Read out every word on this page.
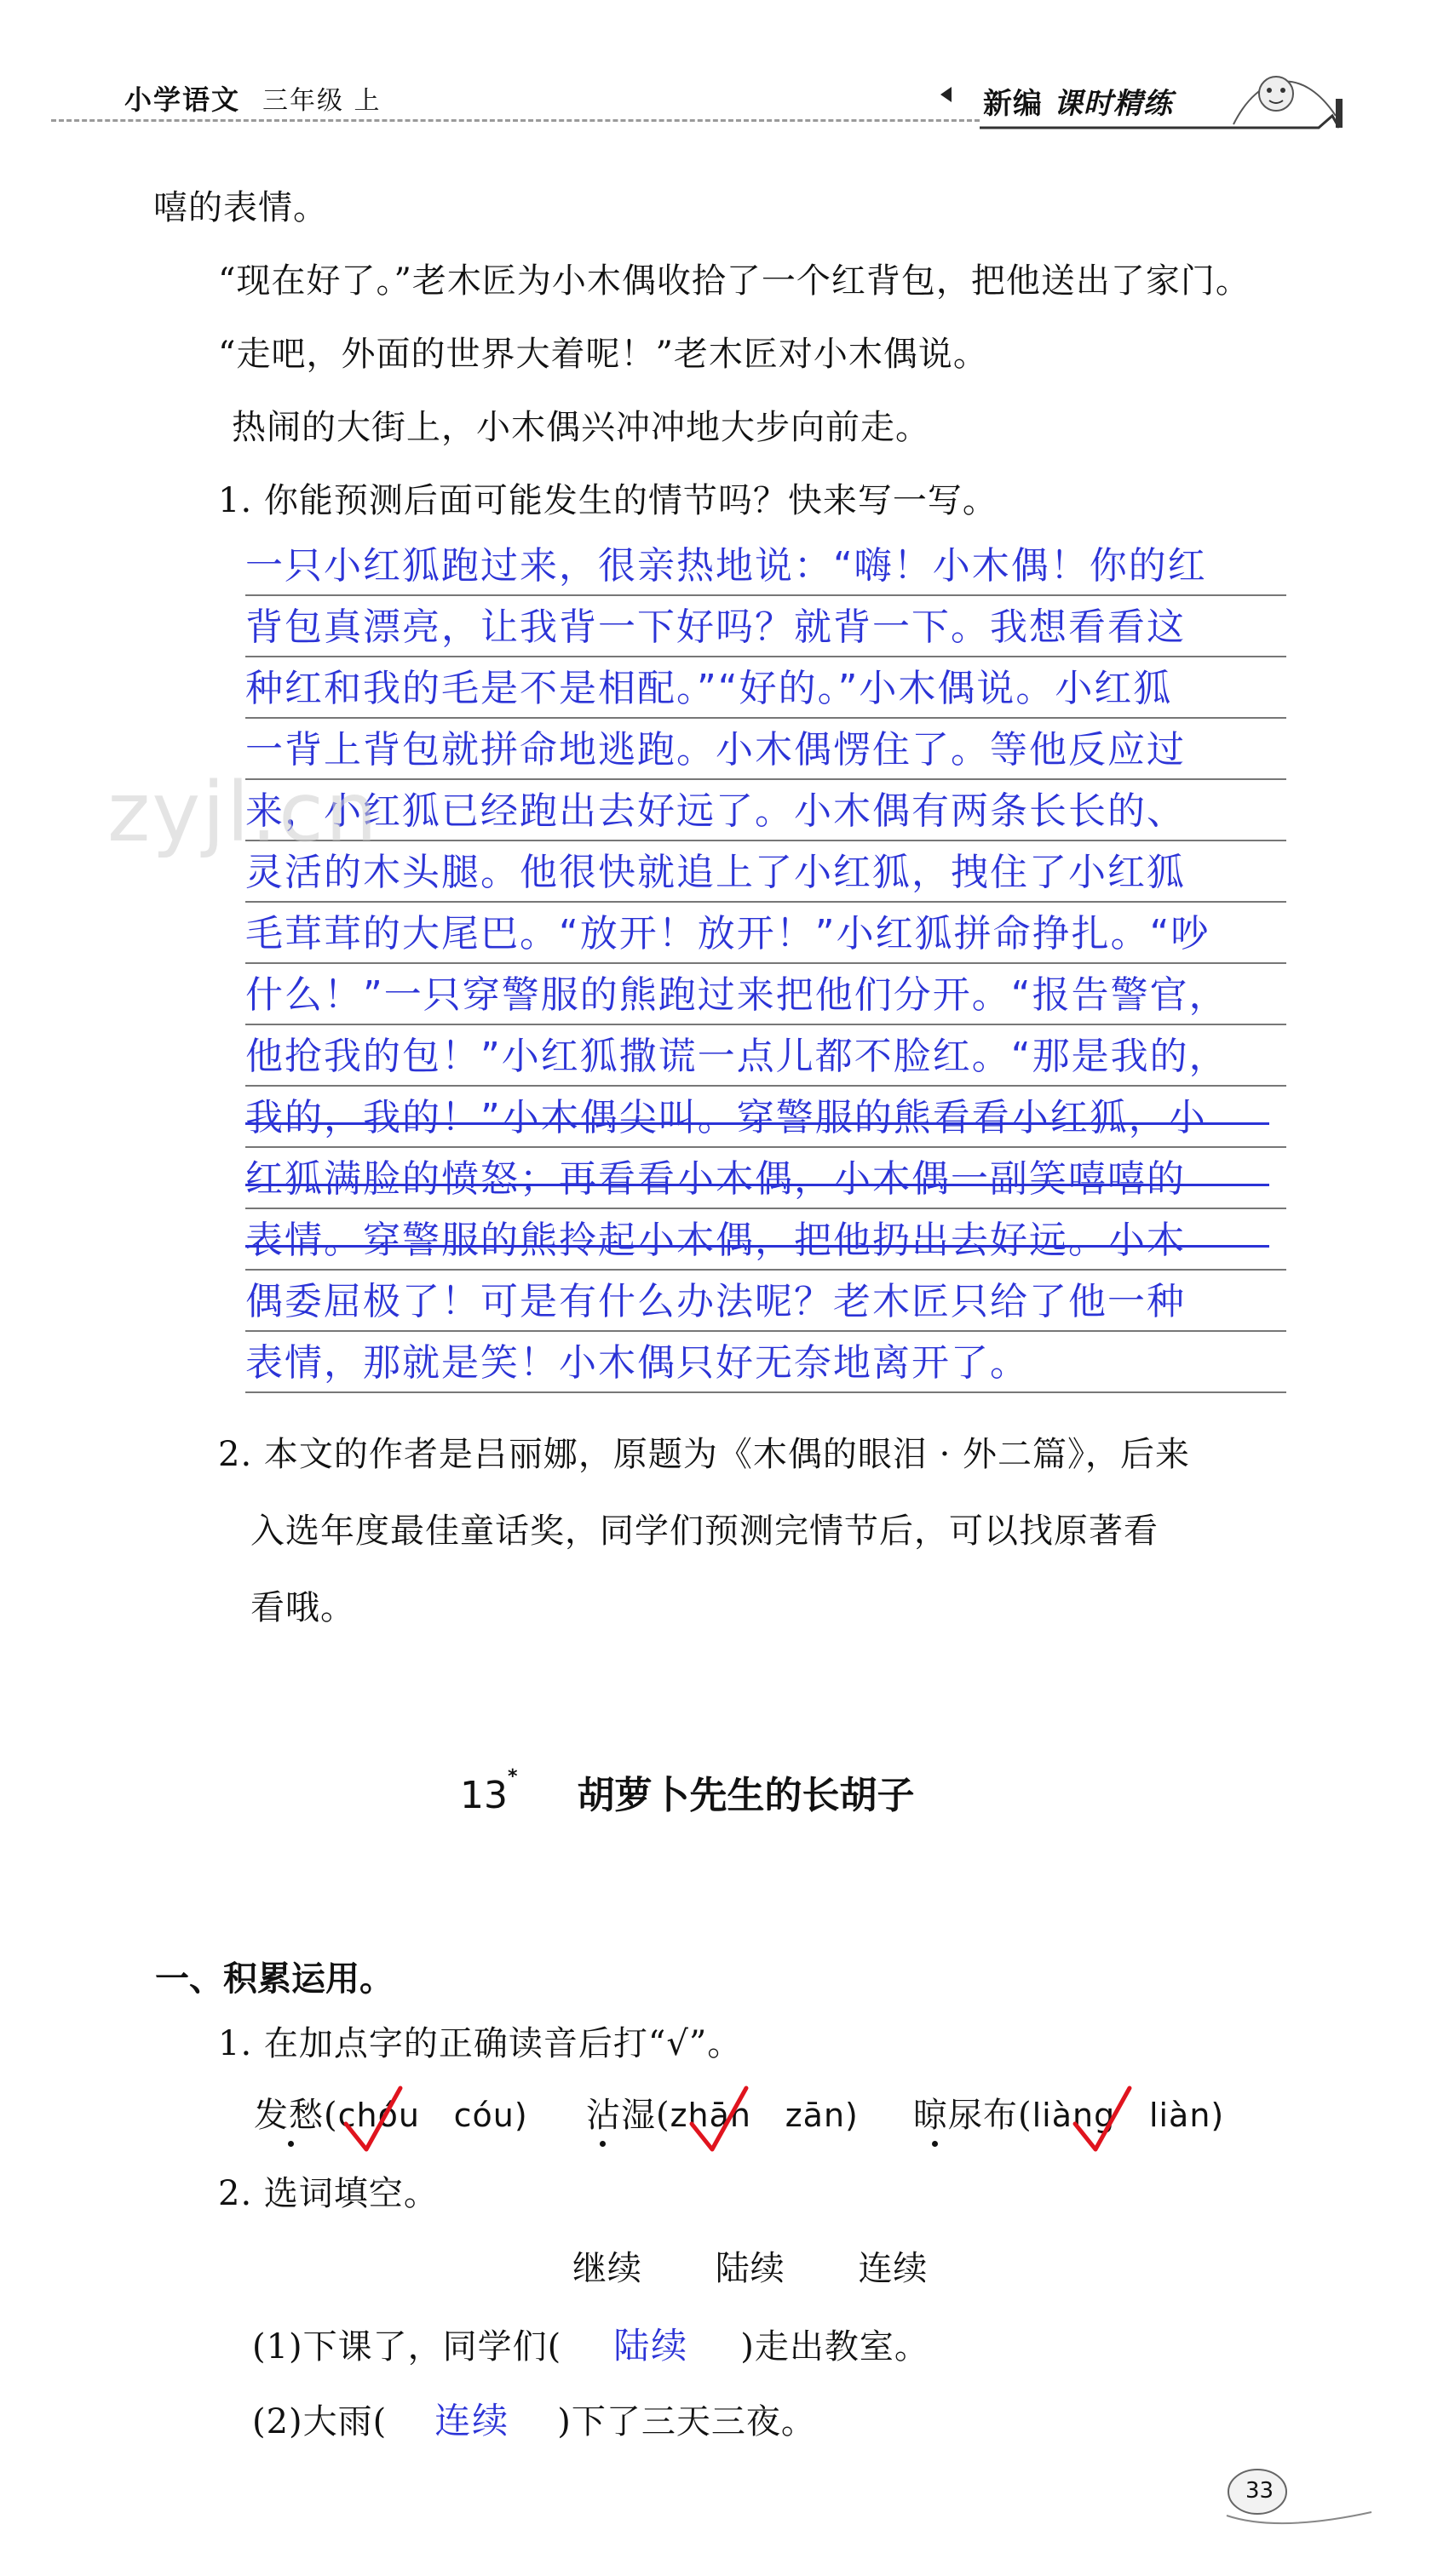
小学语文 三年级 上	新编 课时精练
嘻的表情。
“现在好了。”老木匠为小木偶收拾了一个红背包，把他送出了家门。
“走吧，外面的世界大着呢！”老木匠对小木偶说。
热闹的大街上，小木偶兴冲冲地大步向前走。
1. 你能预测后面可能发生的情节吗？快来写一写。
一只小红狐跑过来，很亲热地说：“嗨！小木偶！你的红
背包真漂亮，让我背一下好吗？就背一下。我想看看这
种红和我的毛是不是相配。”“好的。”小木偶说。小红狐
一背上背包就拼命地逃跑。小木偶愣住了。等他反应过
来，小红狐已经跑出去好远了。小木偶有两条长长的、
灵活的木头腿。他很快就追上了小红狐，拽住了小红狐
毛茸茸的大尾巴。“放开！放开！”小红狐拼命挣扎。“吵
什么！”一只穿警服的熊跑过来把他们分开。“报告警官，
他抢我的包！”小红狐撒谎一点儿都不脸红。“那是我的，
我的，我的！”小木偶尖叫。穿警服的熊看看小红狐，小
红狐满脸的愤怒；再看看小木偶，小木偶一副笑嘻嘻的
表情。穿警服的熊拎起小木偶，把他扔出去好远。小木
偶委屈极了！可是有什么办法呢？老木匠只给了他一种
表情，那就是笑！小木偶只好无奈地离开了。
zyjl.cn
2. 本文的作者是吕丽娜，原题为《木偶的眼泪 · 外二篇》，后来
入选年度最佳童话奖，同学们预测完情节后，可以找原著看
看哦。
13* 胡萝卜先生的长胡子
一、积累运用。
1. 在加点字的正确读音后打“√”。
发愁(chóu cóu) 沾湿(zhān zān) 晾尿布(liàng liàn)
2. 选词填空。
继续 陆续 连续
(1)下课了，同学们( 陆续 )走出教室。
(2)大雨( 连续 )下了三天三夜。
33
